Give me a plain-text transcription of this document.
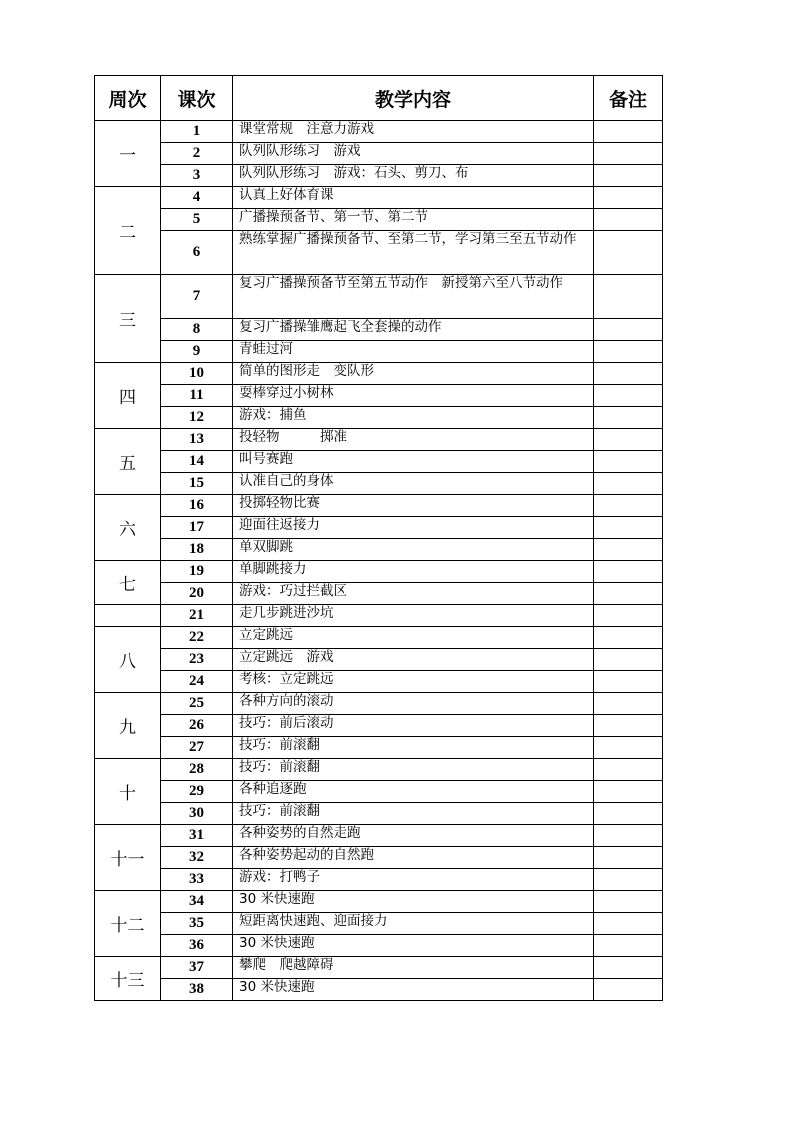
周次	课次	教学内容	备注
一	1	课堂常规　注意力游戏	
	2	队列队形练习　游戏	
	3	队列队形练习　游戏：石头、剪刀、布	
二	4	认真上好体育课	
	5	广播操预备节、第一节、第二节	
	6	熟练掌握广播操预备节、至第二节，学习第三至五节动作	
三	7	复习广播操预备节至第五节动作　新授第六至八节动作	
	8	复习广播操雏鹰起飞全套操的动作	
	9	青蛙过河	
四	10	简单的图形走　变队形	
	11	耍棒穿过小树林	
	12	游戏：捕鱼	
五	13	投轻物　　　掷准	
	14	叫号赛跑	
	15	认准自己的身体	
六	16	投掷轻物比赛	
	17	迎面往返接力	
	18	单双脚跳	
七	19	单脚跳接力	
	20	游戏：巧过拦截区	
	21	走几步跳进沙坑	
八	22	立定跳远	
	23	立定跳远　游戏	
	24	考核：立定跳远	
九	25	各种方向的滚动	
	26	技巧：前后滚动	
	27	技巧：前滚翻	
十	28	技巧：前滚翻	
	29	各种追逐跑	
	30	技巧：前滚翻	
十一	31	各种姿势的自然走跑	
	32	各种姿势起动的自然跑	
	33	游戏：打鸭子	
十二	34	30 米快速跑	
	35	短距离快速跑、迎面接力	
	36	30 米快速跑	
十三	37	攀爬　爬越障碍	
	38	30 米快速跑	
